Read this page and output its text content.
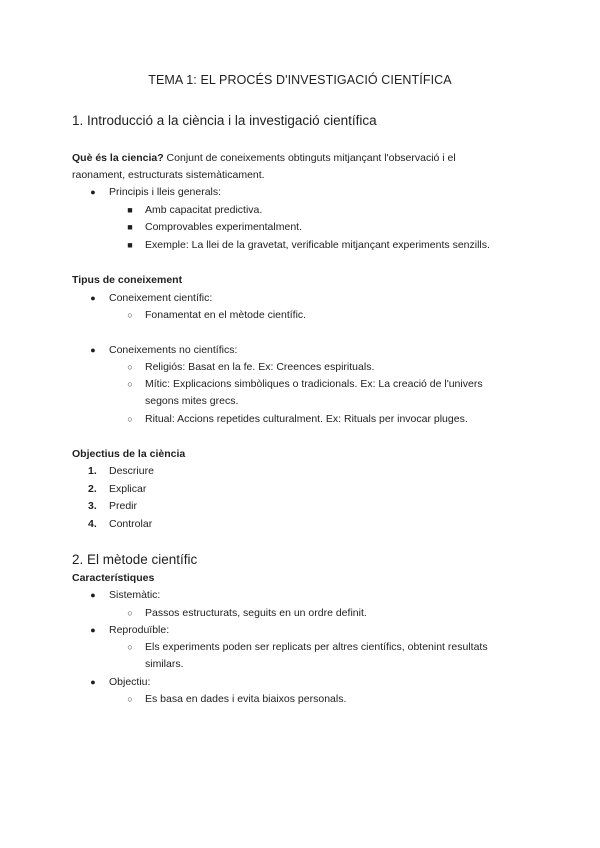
TEMA 1: EL PROCÉS D'INVESTIGACIÓ CIENTÍFICA
1. Introducció a la ciència i la investigació científica
Què és la ciencia? Conjunt de coneixements obtinguts mitjançant l'observació i el
raonament, estructurats sistemàticament.
●	Principis i lleis generals:
■	Amb capacitat predictiva.
■	Comprovables experimentalment.
■	Exemple: La llei de la gravetat, verificable mitjançant experiments senzills.
Tipus de coneixement
●	Coneixement científic:
○	Fonamentat en el mètode científic.
●	Coneixements no científics:
○	Religiós: Basat en la fe. Ex: Creences espirituals.
○	Mític: Explicacions simbòliques o tradicionals. Ex: La creació de l'univers
segons mites grecs.
○	Ritual: Accions repetides culturalment. Ex: Rituals per invocar pluges.
Objectius de la ciència
1. Descriure
2. Explicar
3. Predir
4. Controlar
2. El mètode científic
Característiques
●	Sistemàtic:
○	Passos estructurats, seguits en un ordre definit.
●	Reproduïble:
○	Els experiments poden ser replicats per altres científics, obtenint resultats
similars.
●	Objectiu:
○	Es basa en dades i evita biaixos personals.
